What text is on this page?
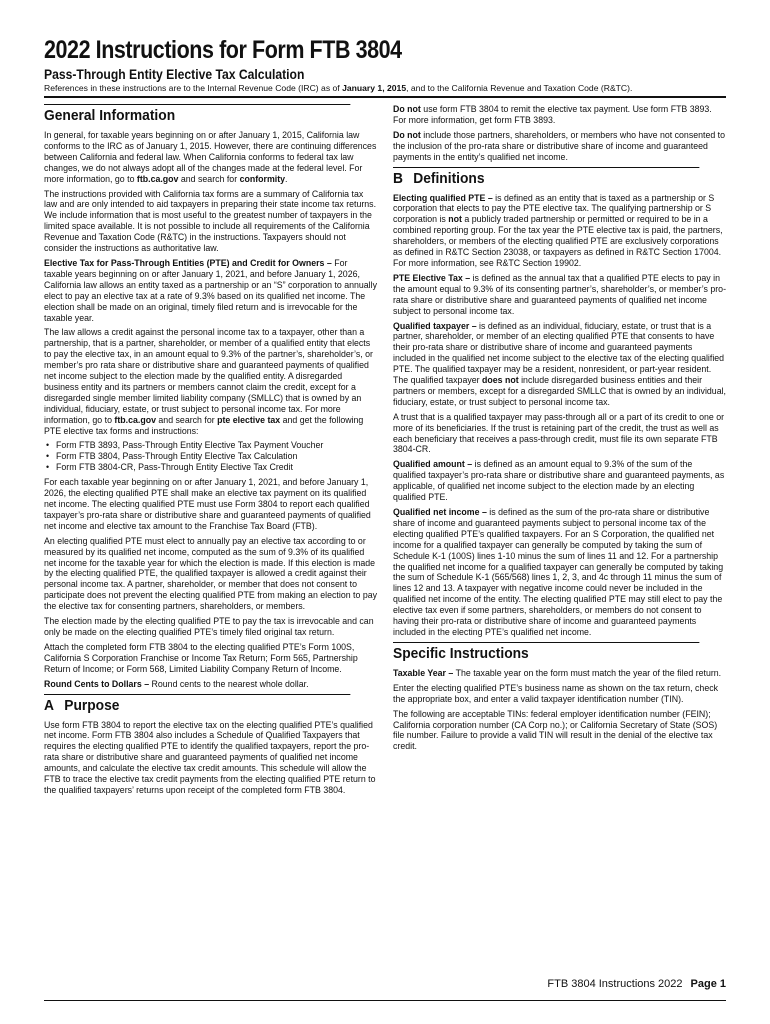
2022 Instructions for Form FTB 3804
Pass-Through Entity Elective Tax Calculation
References in these instructions are to the Internal Revenue Code (IRC) as of January 1, 2015, and to the California Revenue and Taxation Code (R&TC).
General Information

In general, for taxable years beginning on or after January 1, 2015, California law conforms to the IRC as of January 1, 2015. However, there are continuing differences between California and federal law. When California conforms to federal tax law changes, we do not always adopt all of the changes made at the federal level. For more information, go to ftb.ca.gov and search for conformity.

The instructions provided with California tax forms are a summary of California tax law and are only intended to aid taxpayers in preparing their state income tax returns. We include information that is most useful to the greatest number of taxpayers in the limited space available. It is not possible to include all requirements of the California Revenue and Taxation Code (R&TC) in the instructions. Taxpayers should not consider the instructions as authoritative law.

Elective Tax for Pass-Through Entities (PTE) and Credit for Owners – For taxable years beginning on or after January 1, 2021, and before January 1, 2026, California law allows an entity taxed as a partnership or an “S” corporation to annually elect to pay an elective tax at a rate of 9.3% based on its qualified net income. The election shall be made on an original, timely filed return and is irrevocable for the taxable year.

The law allows a credit against the personal income tax to a taxpayer, other than a partnership, that is a partner, shareholder, or member of a qualified entity that elects to pay the elective tax, in an amount equal to 9.3% of the partner’s, shareholder’s, or member’s pro rata share or distributive share and guaranteed payments of qualified net income subject to the election made by the qualified entity. A disregarded business entity and its partners or members cannot claim the credit, except for a disregarded single member limited liability company (SMLLC) that is owned by an individual, fiduciary, estate, or trust subject to personal income tax. For more information, go to ftb.ca.gov and search for pte elective tax and get the following PTE elective tax forms and instructions:

• Form FTB 3893, Pass-Through Entity Elective Tax Payment Voucher
• Form FTB 3804, Pass-Through Entity Elective Tax Calculation
• Form FTB 3804-CR, Pass-Through Entity Elective Tax Credit

For each taxable year beginning on or after January 1, 2021, and before January 1, 2026, the electing qualified PTE shall make an elective tax payment on its qualified net income. The electing qualified PTE must use Form 3804 to report each qualified taxpayer’s pro-rata share or distributive share and guaranteed payments of qualified net income and elective tax amount to the Franchise Tax Board (FTB).

An electing qualified PTE must elect to annually pay an elective tax according to or measured by its qualified net income, computed as the sum of 9.3% of its qualified net income for the taxable year for which the election is made. If this election is made by the electing qualified PTE, the qualified taxpayer is allowed a credit against their personal income tax. A partner, shareholder, or member that does not consent to participate does not prevent the electing qualified PTE from making an election to pay the elective tax for consenting partners, shareholders, or members.

The election made by the electing qualified PTE to pay the tax is irrevocable and can only be made on the electing qualified PTE’s timely filed original tax return.

Attach the completed form FTB 3804 to the electing qualified PTE’s Form 100S, California S Corporation Franchise or Income Tax Return; Form 565, Partnership Return of Income; or Form 568, Limited Liability Company Return of Income.

Round Cents to Dollars – Round cents to the nearest whole dollar.

A Purpose

Use form FTB 3804 to report the elective tax on the electing qualified PTE’s qualified net income. Form FTB 3804 also includes a Schedule of Qualified Taxpayers that requires the electing qualified PTE to identify the qualified taxpayers, report the pro-rata share or distributive share and guaranteed payments of qualified net income amounts, and calculate the elective tax credit amounts. This schedule will allow the FTB to trace the elective tax credit payments from the electing qualified PTE return to the qualified taxpayers’ returns upon receipt of the completed form FTB 3804.

Do not use form FTB 3804 to remit the elective tax payment. Use form FTB 3893. For more information, get form FTB 3893.

Do not include those partners, shareholders, or members who have not consented to the inclusion of the pro-rata share or distributive share of income and guaranteed payments in the entity’s qualified net income.

B Definitions

Electing qualified PTE – is defined as an entity that is taxed as a partnership or S corporation that elects to pay the PTE elective tax. The qualifying partnership or S corporation is not a publicly traded partnership or permitted or required to be in a combined reporting group. For the tax year the PTE elective tax is paid, the partners, shareholders, or members of the electing qualified PTE are exclusively corporations as defined in R&TC Section 23038, or taxpayers as defined in R&TC Section 17004. For more information, see R&TC Section 19902.

PTE Elective Tax – is defined as the annual tax that a qualified PTE elects to pay in the amount equal to 9.3% of its consenting partner’s, shareholder’s, or member’s pro-rata share or distributive share and guaranteed payments of qualified net income subject to personal income tax.

Qualified taxpayer – is defined as an individual, fiduciary, estate, or trust that is a partner, shareholder, or member of an electing qualified PTE that consents to have their pro-rata share or distributive share of income and guaranteed payments included in the qualified net income subject to the elective tax of the electing qualified PTE. The qualified taxpayer may be a resident, nonresident, or part-year resident. The qualified taxpayer does not include disregarded business entities and their partners or members, except for a disregarded SMLLC that is owned by an individual, fiduciary, estate, or trust subject to personal income tax.

A trust that is a qualified taxpayer may pass-through all or a part of its credit to one or more of its beneficiaries. If the trust is retaining part of the credit, the trust as well as each beneficiary that receives a pass-through credit, must file its own separate FTB 3804-CR.

Qualified amount – is defined as an amount equal to 9.3% of the sum of the qualified taxpayer’s pro-rata share or distributive share and guaranteed payments, as applicable, of qualified net income subject to the election made by an electing qualified PTE.

Qualified net income – is defined as the sum of the pro-rata share or distributive share of income and guaranteed payments subject to personal income tax of the electing qualified PTE’s qualified taxpayers. For an S Corporation, the qualified net income for a qualified taxpayer can generally be computed by taking the sum of Schedule K-1 (100S) lines 1-10 minus the sum of lines 11 and 12. For a partnership the qualified net income for a qualified taxpayer can generally be computed by taking the sum of Schedule K-1 (565/568) lines 1, 2, 3, and 4c through 11 minus the sum of lines 12 and 13. A taxpayer with negative income could never be included in the qualified net income of the entity. The electing qualified PTE may still elect to pay the elective tax even if some partners, shareholders, or members do not consent to having their pro-rata or distributive share of income and guaranteed payments included in the electing PTE’s qualified net income.

Specific Instructions

Taxable Year – The taxable year on the form must match the year of the filed return.

Enter the electing qualified PTE’s business name as shown on the tax return, check the appropriate box, and enter a valid taxpayer identification number (TIN).

The following are acceptable TINs: federal employer identification number (FEIN); California corporation number (CA Corp no.); or California Secretary of State (SOS) file number. Failure to provide a valid TIN will result in the denial of the elective tax credit.

FTB 3804 Instructions 2022 Page 1
